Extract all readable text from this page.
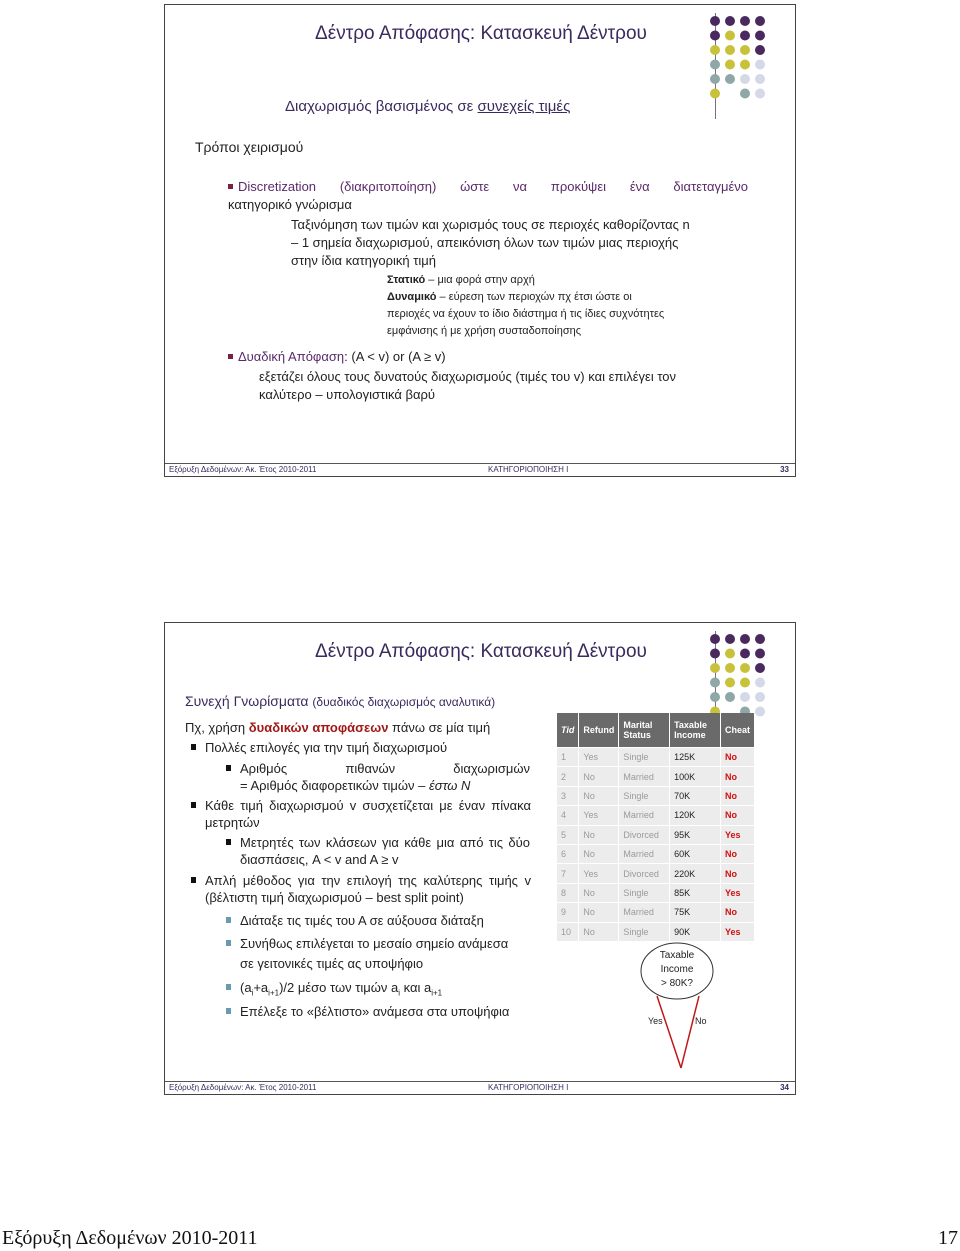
Δέντρο Απόφασης: Κατασκευή Δέντρου
Διαχωρισμός βασισμένος σε συνεχείς τιμές
Τρόποι χειρισμού
Discretization (διακριτοποίηση) ώστε να προκύψει ένα διατεταγμένο
κατηγορικό γνώρισμα
Ταξινόμηση των τιμών και χωρισμός τους σε περιοχές καθορίζοντας n
– 1 σημεία διαχωρισμού, απεικόνιση όλων των τιμών μιας περιοχής
στην ίδια κατηγορική τιμή
Στατικό – μια φορά στην αρχή
Δυναμικό – εύρεση των περιοχών πχ έτσι ώστε οι
περιοχές να έχουν το ίδιο διάστημα ή τις ίδιες συχνότητες
εμφάνισης ή με χρήση συσταδοποίησης
Δυαδική Απόφαση: (A < v) or (A ≥ v)
εξετάζει όλους τους δυνατούς διαχωρισμούς (τιμές του v) και επιλέγει τον
καλύτερο – υπολογιστικά βαρύ
Εξόρυξη Δεδομένων: Ακ. Έτος 2010-2011	ΚΑΤΗΓΟΡΙΟΠΟΙΗΣΗ Ι	33
Δέντρο Απόφασης: Κατασκευή Δέντρου
Συνεχή Γνωρίσματα (δυαδικός διαχωρισμός αναλυτικά)
Πχ, χρήση δυαδικών αποφάσεων πάνω σε μία τιμή
Πολλές επιλογές για την τιμή διαχωρισμού
Αριθμός πιθανών διαχωρισμών
= Αριθμός διαφορετικών τιμών – έστω Ν
Κάθε τιμή διαχωρισμού v συσχετίζεται με έναν πίνακα
μετρητών
Μετρητές των κλάσεων για κάθε μια από τις δύο
διασπάσεις, A < v and A ≥ v
Απλή μέθοδος για την επιλογή της καλύτερης τιμής v
(βέλτιστη τιμή διαχωρισμού – best split point)
Διάταξε τις τιμές του Α σε αύξουσα διάταξη
Συνήθως επιλέγεται το μεσαίο σημείο ανάμεσα
σε γειτονικές τιμές ας υποψήφιο
$(a_i+a_{i+1})/2$ μέσο των τιμών $a_i$ και $a_{i+1}$
Επέλεξε το «βέλτιστο» ανάμεσα στα υποψήφια
Tid	Refund	Marital Status	Taxable Income	Cheat
1	Yes	Single	125K	No
2	No	Married	100K	No
3	No	Single	70K	No
4	Yes	Married	120K	No
5	No	Divorced	95K	Yes
6	No	Married	60K	No
7	Yes	Divorced	220K	No
8	No	Single	85K	Yes
9	No	Married	75K	No
10	No	Single	90K	Yes
Taxable
Income
> 80K?
Yes	No
Εξόρυξη Δεδομένων: Ακ. Έτος 2010-2011	ΚΑΤΗΓΟΡΙΟΠΟΙΗΣΗ Ι	34
Εξόρυξη Δεδομένων 2010-2011	17
